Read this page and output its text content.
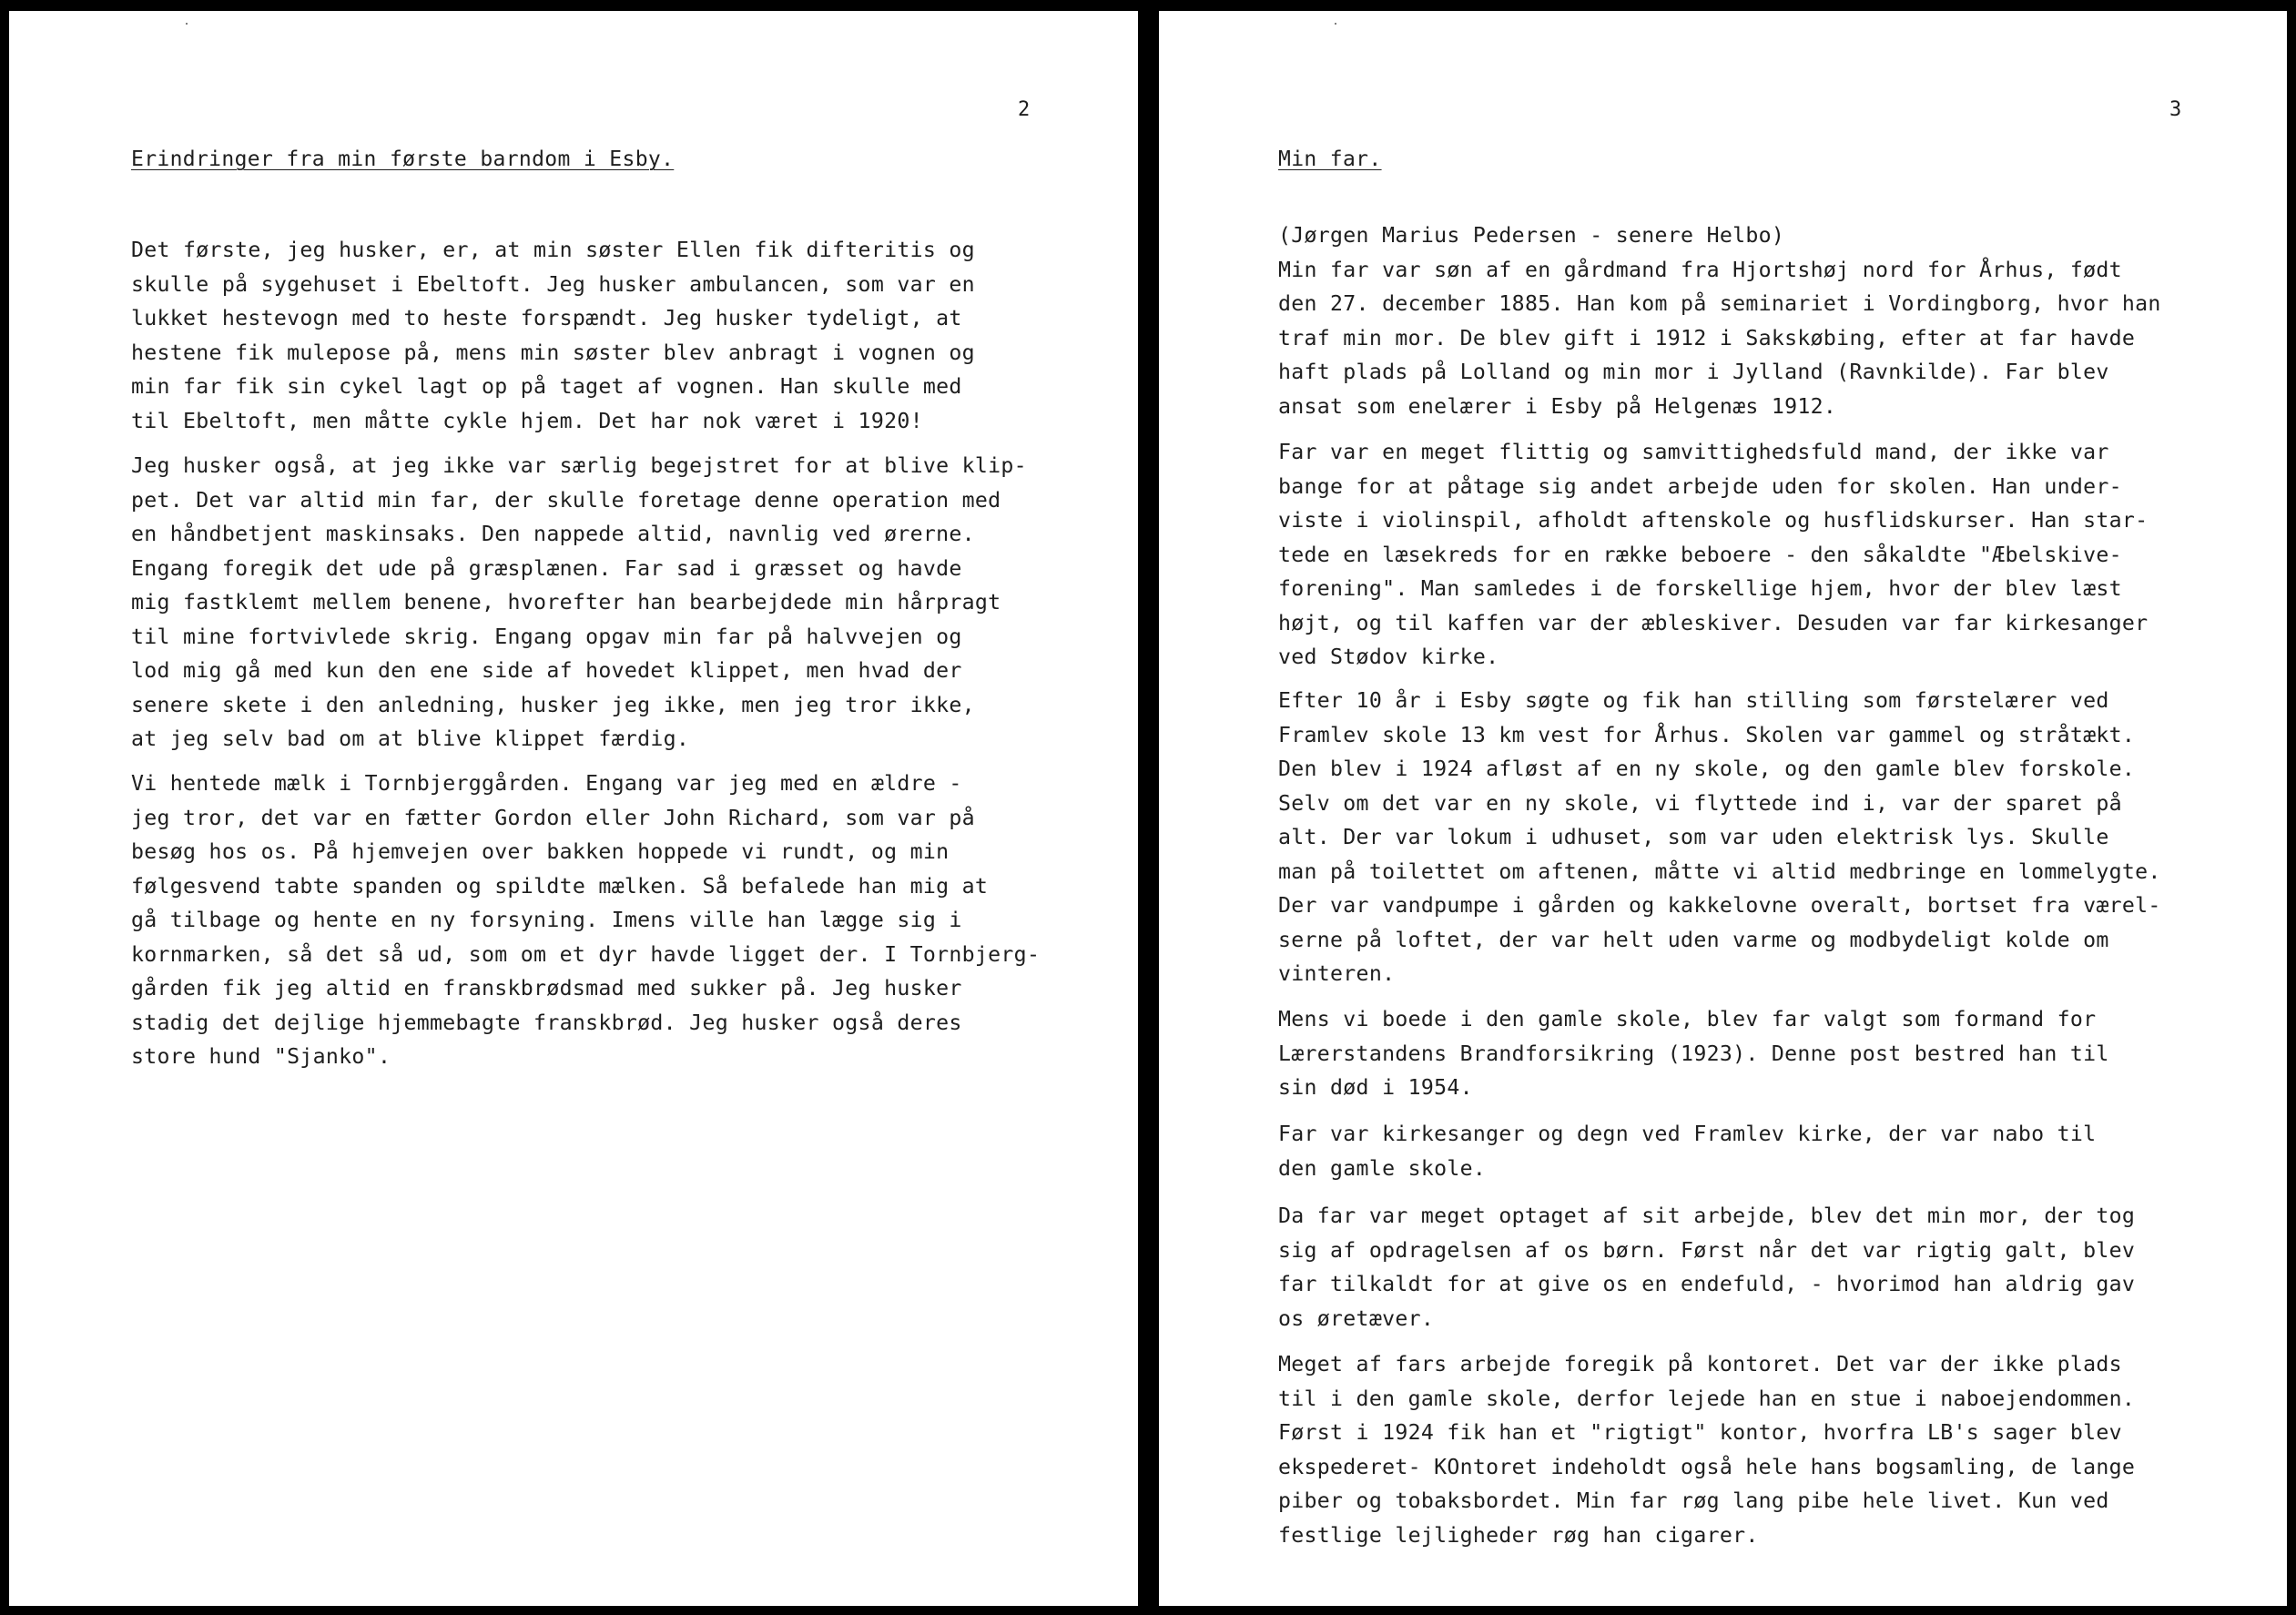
2
Erindringer fra min første barndom i Esby.
Det første, jeg husker, er, at min søster Ellen fik difteritis og
skulle på sygehuset i Ebeltoft. Jeg husker ambulancen, som var en
lukket hestevogn med to heste forspændt. Jeg husker tydeligt, at
hestene fik mulepose på, mens min søster blev anbragt i vognen og
min far fik sin cykel lagt op på taget af vognen. Han skulle med
til Ebeltoft, men måtte cykle hjem. Det har nok været i 1920!
Jeg husker også, at jeg ikke var særlig begejstret for at blive klip-
pet. Det var altid min far, der skulle foretage denne operation med
en håndbetjent maskinsaks. Den nappede altid, navnlig ved ørerne.
Engang foregik det ude på græsplænen. Far sad i græsset og havde
mig fastklemt mellem benene, hvorefter han bearbejdede min hårpragt
til mine fortvivlede skrig. Engang opgav min far på halvvejen og
lod mig gå med kun den ene side af hovedet klippet, men hvad der
senere skete i den anledning, husker jeg ikke, men jeg tror ikke,
at jeg selv bad om at blive klippet færdig.
Vi hentede mælk i Tornbjerggården. Engang var jeg med en ældre -
jeg tror, det var en fætter Gordon eller John Richard, som var på
besøg hos os. På hjemvejen over bakken hoppede vi rundt, og min
følgesvend tabte spanden og spildte mælken. Så befalede han mig at
gå tilbage og hente en ny forsyning. Imens ville han lægge sig i
kornmarken, så det så ud, som om et dyr havde ligget der. I Tornbjerg-
gården fik jeg altid en franskbrødsmad med sukker på. Jeg husker
stadig det dejlige hjemmebagte franskbrød. Jeg husker også deres
store hund "Sjanko".
3
Min far.
(Jørgen Marius Pedersen - senere Helbo)
Min far var søn af en gårdmand fra Hjortshøj nord for Århus, født
den 27. december 1885. Han kom på seminariet i Vordingborg, hvor han
traf min mor. De blev gift i 1912 i Sakskøbing, efter at far havde
haft plads på Lolland og min mor i Jylland (Ravnkilde). Far blev
ansat som enelærer i Esby på Helgenæs 1912.
Far var en meget flittig og samvittighedsfuld mand, der ikke var
bange for at påtage sig andet arbejde uden for skolen. Han under-
viste i violinspil, afholdt aftenskole og husflidskurser. Han star-
tede en læsekreds for en række beboere - den såkaldte "Æbelskive-
forening". Man samledes i de forskellige hjem, hvor der blev læst
højt, og til kaffen var der æbleskiver. Desuden var far kirkesanger
ved Stødov kirke.
Efter 10 år i Esby søgte og fik han stilling som førstelærer ved
Framlev skole 13 km vest for Århus. Skolen var gammel og stråtækt.
Den blev i 1924 afløst af en ny skole, og den gamle blev forskole.
Selv om det var en ny skole, vi flyttede ind i, var der sparet på
alt. Der var lokum i udhuset, som var uden elektrisk lys. Skulle
man på toilettet om aftenen, måtte vi altid medbringe en lommelygte.
Der var vandpumpe i gården og kakkelovne overalt, bortset fra værel-
serne på loftet, der var helt uden varme og modbydeligt kolde om
vinteren.
Mens vi boede i den gamle skole, blev far valgt som formand for
Lærerstandens Brandforsikring (1923). Denne post bestred han til
sin død i 1954.
Far var kirkesanger og degn ved Framlev kirke, der var nabo til
den gamle skole.
Da far var meget optaget af sit arbejde, blev det min mor, der tog
sig af opdragelsen af os børn. Først når det var rigtig galt, blev
far tilkaldt for at give os en endefuld, - hvorimod han aldrig gav
os øretæver.
Meget af fars arbejde foregik på kontoret. Det var der ikke plads
til i den gamle skole, derfor lejede han en stue i naboejendommen.
Først i 1924 fik han et "rigtigt" kontor, hvorfra LB's sager blev
ekspederet- KOntoret indeholdt også hele hans bogsamling, de lange
piber og tobaksbordet. Min far røg lang pibe hele livet. Kun ved
festlige lejligheder røg han cigarer.
